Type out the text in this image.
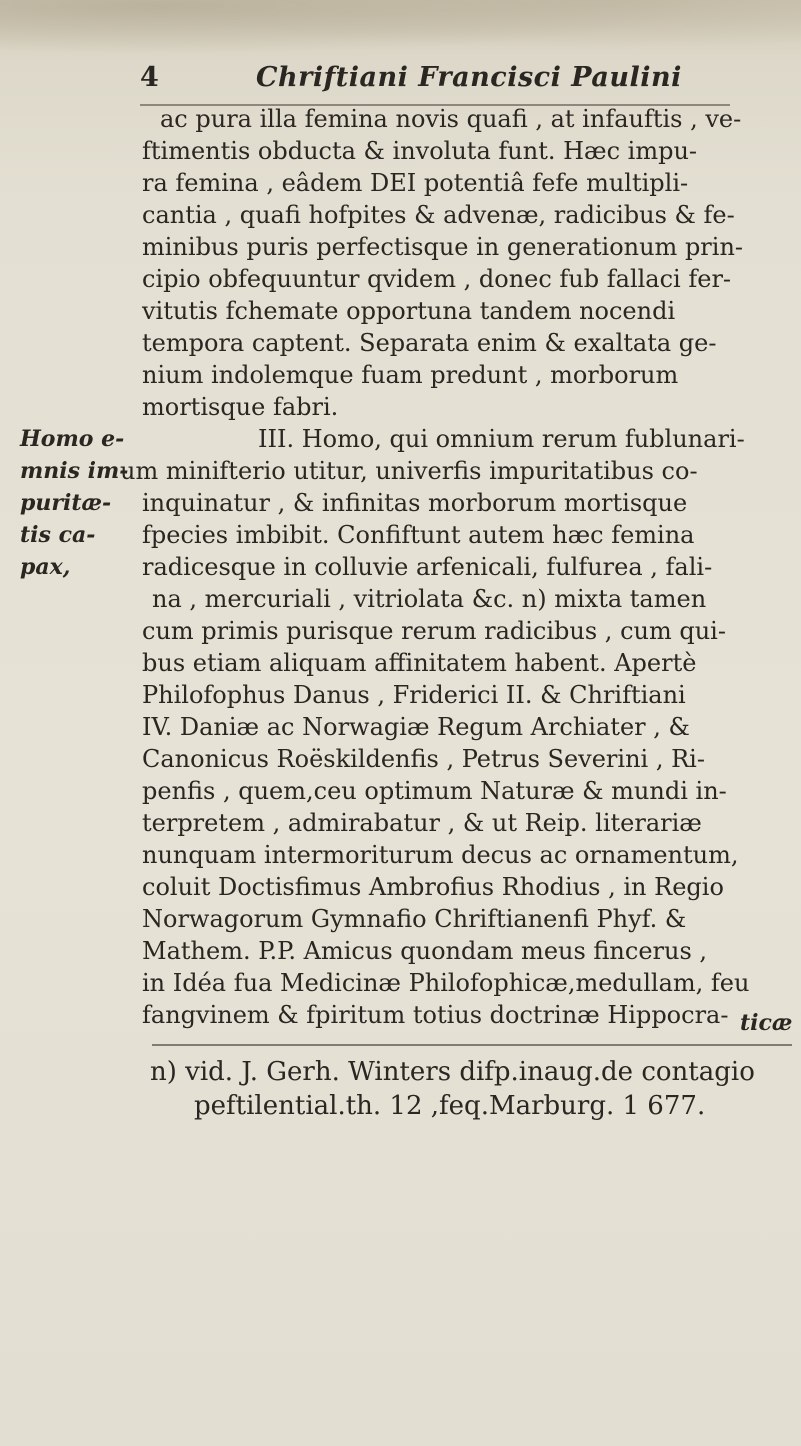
4	Chriftiani Francisci Paulini
ac pura illa femina novis quafi , at infauftis , ve-
ftimentis obducta & involuta funt. Hæc impu-
ra femina , eâdem DEI potentiâ fefe multipli-
cantia , quafi hofpites & advenæ, radicibus & fe-
minibus puris perfectisque in generationum prin-
cipio obfequuntur qvidem , donec fub fallaci fer-
vitutis fchemate opportuna tandem nocendi
tempora captent. Separata enim & exaltata ge-
nium indolemque fuam predunt , morborum
mortisque fabri.
III. Homo, qui omnium rerum fublunari-
um minifterio utitur, univerfis impuritatibus co-
inquinatur , & infinitas morborum mortisque
fpecies imbibit. Confiftunt autem hæc femina
radicesque in colluvie arfenicali, fulfurea , fali-
na , mercuriali , vitriolata &c. n) mixta tamen
cum primis purisque rerum radicibus , cum qui-
bus etiam aliquam affinitatem habent. Apertè
Philofophus Danus , Friderici II. & Chriftiani
IV. Daniæ ac Norwagiæ Regum Archiater , &
Canonicus Roëskildenfis , Petrus Severini , Ri-
penfis , quem,ceu optimum Naturæ & mundi in-
terpretem , admirabatur , & ut Reip. literariæ
nunquam intermoriturum decus ac ornamentum,
coluit Doctisfimus Ambrofius Rhodius , in Regio
Norwagorum Gymnafio Chriftianenfi Phyf. &
Mathem. P.P. Amicus quondam meus fincerus ,
in Idéa fua Medicinæ Philofophicæ,medullam, feu
fangvinem & fpiritum totius doctrinæ Hippocra- ticæ
Homo e-
mnis im-
puritæ-
tis ca-
pax,
n) vid. J. Gerh. Winters difp.inaug.de contagio
peftilential.th. 12 ,feq.Marburg. 1 677.
